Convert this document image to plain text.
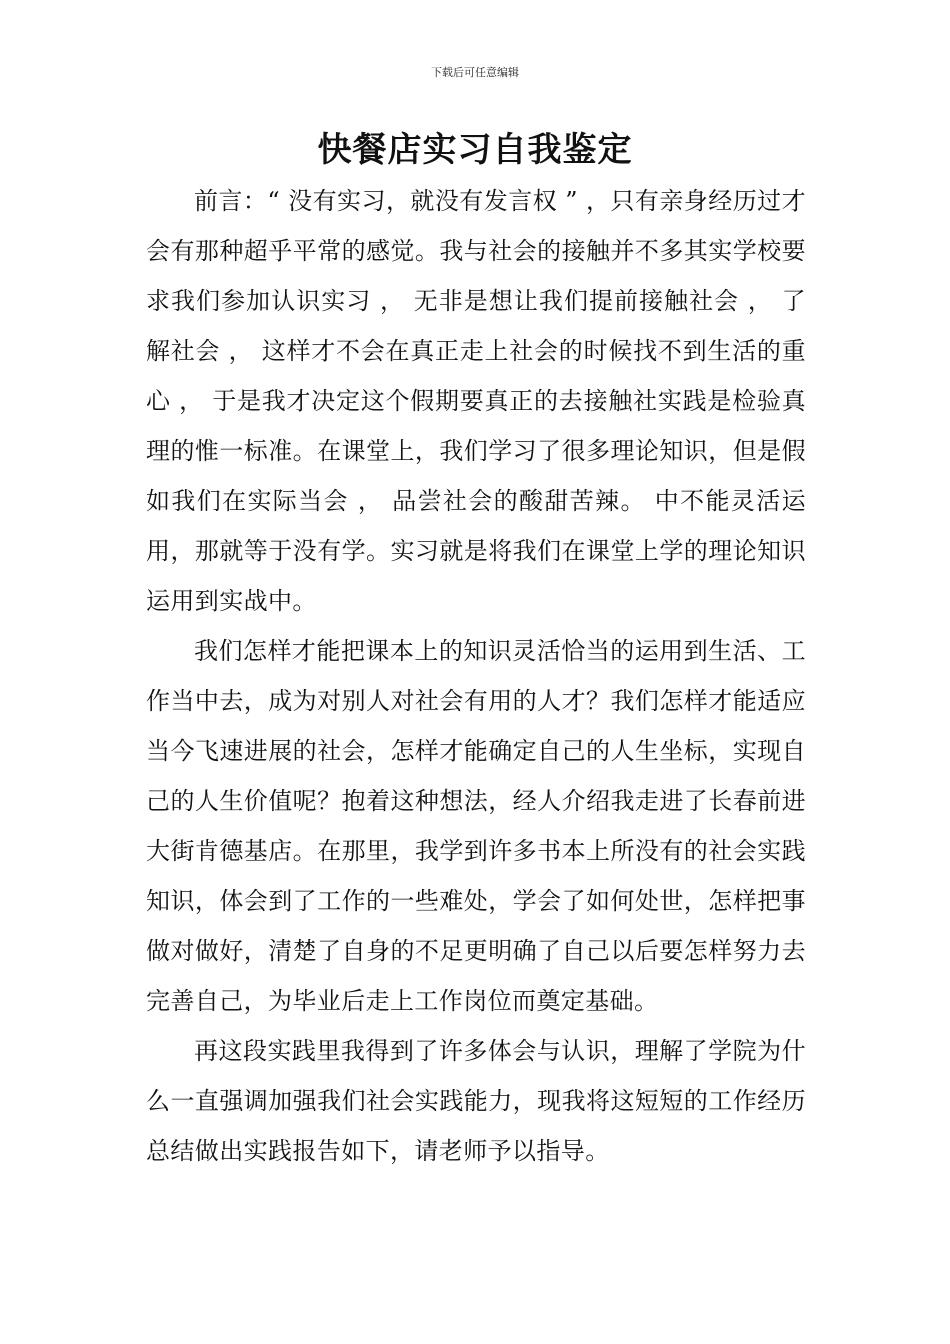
下载后可任意编辑
快餐店实习自我鉴定

前言：“ 没有实习，就没有发言权 ” ，只有亲身经历过才会有那种超乎平常的感觉。我与社会的接触并不多其实学校要求我们参加认识实习 ， 无非是想让我们提前接触社会 ， 了解社会 ， 这样才不会在真正走上社会的时候找不到生活的重心 ， 于是我才决定这个假期要真正的去接触社实践是检验真理的惟一标准。在课堂上，我们学习了很多理论知识，但是假如我们在实际当会 ， 品尝社会的酸甜苦辣。 中不能灵活运用，那就等于没有学。实习就是将我们在课堂上学的理论知识运用到实战中。

我们怎样才能把课本上的知识灵活恰当的运用到生活、工作当中去，成为对别人对社会有用的人才？我们怎样才能适应当今飞速进展的社会，怎样才能确定自己的人生坐标，实现自己的人生价值呢？抱着这种想法，经人介绍我走进了长春前进大街肯德基店。在那里，我学到许多书本上所没有的社会实践知识，体会到了工作的一些难处，学会了如何处世，怎样把事做对做好，清楚了自身的不足更明确了自己以后要怎样努力去完善自己，为毕业后走上工作岗位而奠定基础。

再这段实践里我得到了许多体会与认识，理解了学院为什么一直强调加强我们社会实践能力，现我将这短短的工作经历总结做出实践报告如下，请老师予以指导。
